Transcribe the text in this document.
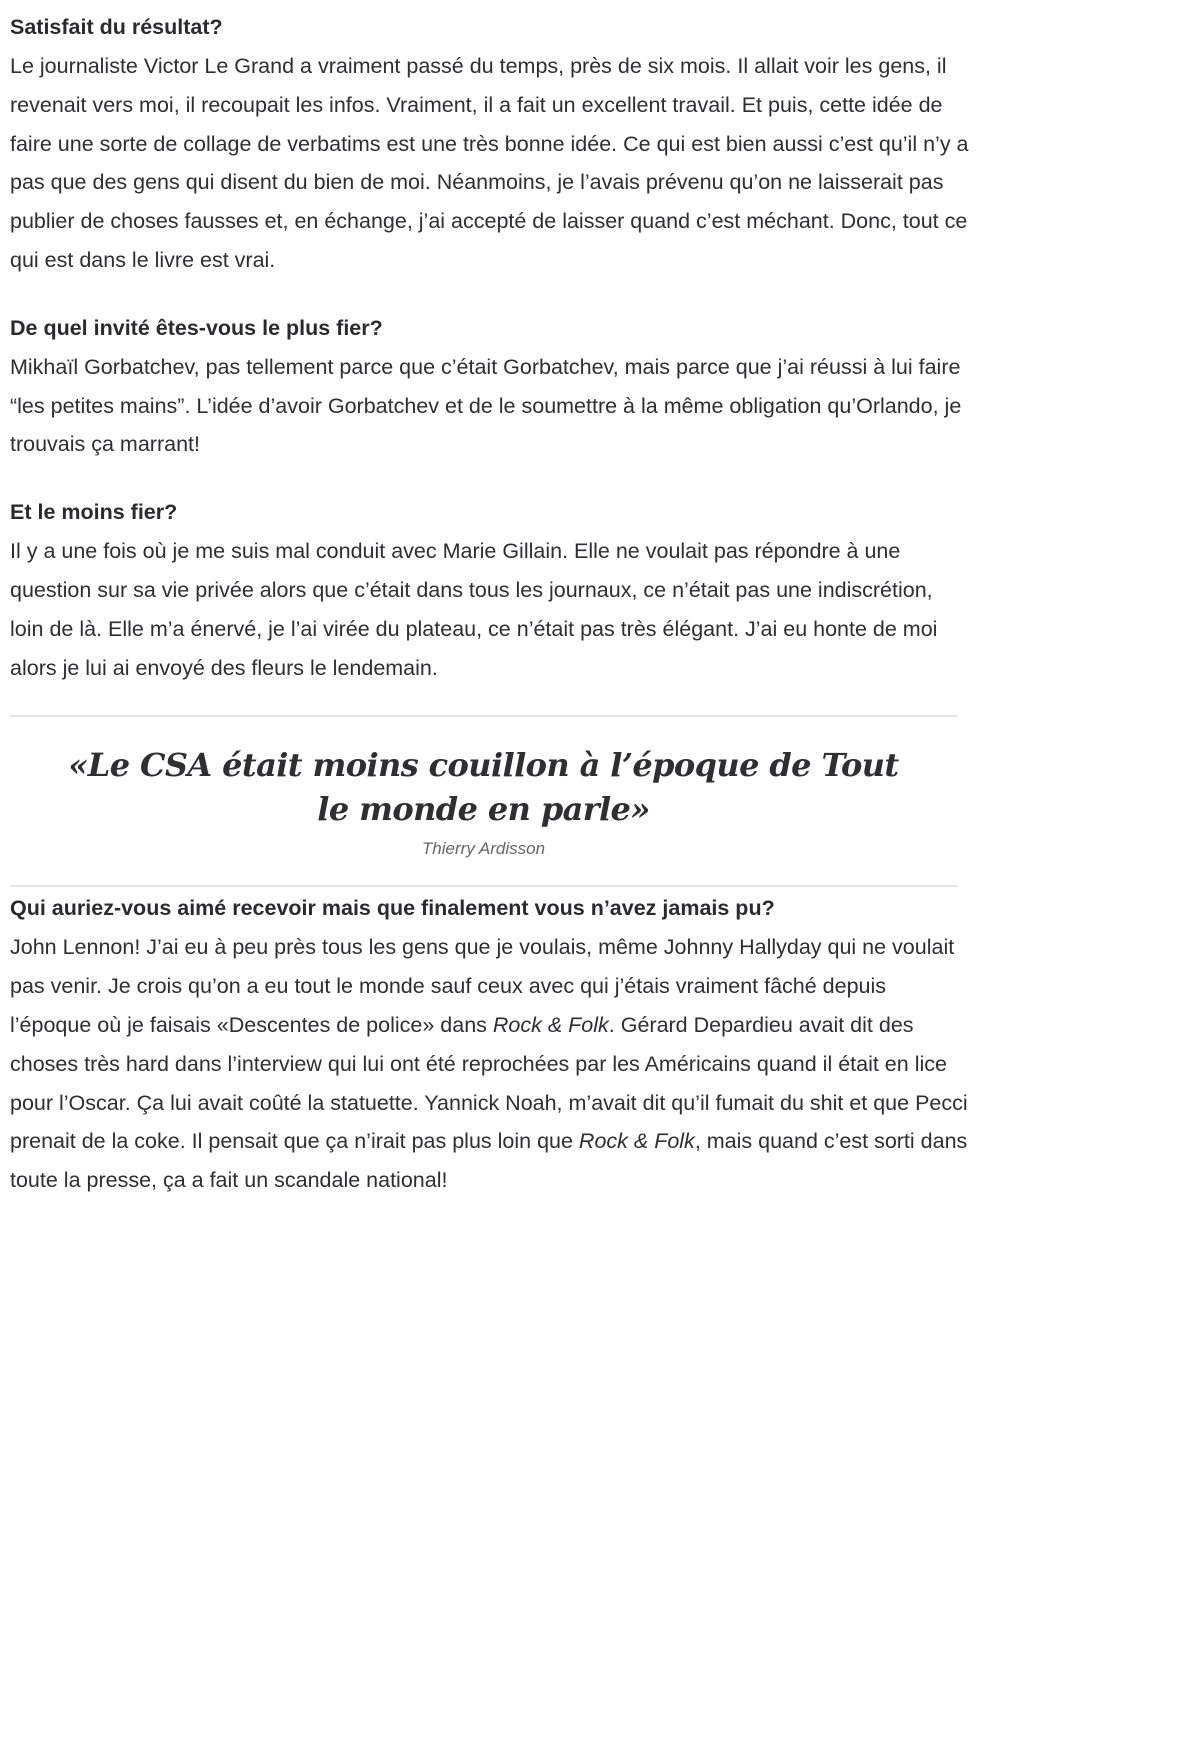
Satisfait du résultat?

Le journaliste Victor Le Grand a vraiment passé du temps, près de six mois. Il allait voir les gens, il revenait vers moi, il recoupait les infos. Vraiment, il a fait un excellent travail. Et puis, cette idée de faire une sorte de collage de verbatims est une très bonne idée. Ce qui est bien aussi c’est qu’il n’y a pas que des gens qui disent du bien de moi. Néanmoins, je l’avais prévenu qu’on ne laisserait pas publier de choses fausses et, en échange, j’ai accepté de laisser quand c’est méchant. Donc, tout ce qui est dans le livre est vrai.

De quel invité êtes-vous le plus fier?

Mikhaïl Gorbatchev, pas tellement parce que c’était Gorbatchev, mais parce que j’ai réussi à lui faire “les petites mains”. L’idée d’avoir Gorbatchev et de le soumettre à la même obligation qu’Orlando, je trouvais ça marrant!

Et le moins fier?

Il y a une fois où je me suis mal conduit avec Marie Gillain. Elle ne voulait pas répondre à une question sur sa vie privée alors que c’était dans tous les journaux, ce n’était pas une indiscrétion, loin de là. Elle m’a énervé, je l’ai virée du plateau, ce n’était pas très élégant. J’ai eu honte de moi alors je lui ai envoyé des fleurs le lendemain.

«Le CSA était moins couillon à l’époque de Tout le monde en parle»

Thierry Ardisson

Qui auriez-vous aimé recevoir mais que finalement vous n’avez jamais pu?

John Lennon! J’ai eu à peu près tous les gens que je voulais, même Johnny Hallyday qui ne voulait pas venir. Je crois qu’on a eu tout le monde sauf ceux avec qui j’étais vraiment fâché depuis l’époque où je faisais «Descentes de police» dans Rock & Folk. Gérard Depardieu avait dit des choses très hard dans l’interview qui lui ont été reprochées par les Américains quand il était en lice pour l’Oscar. Ça lui avait coûté la statuette. Yannick Noah, m’avait dit qu’il fumait du shit et que Pecci prenait de la coke. Il pensait que ça n’irait pas plus loin que Rock & Folk, mais quand c’est sorti dans toute la presse, ça a fait un scandale national!
